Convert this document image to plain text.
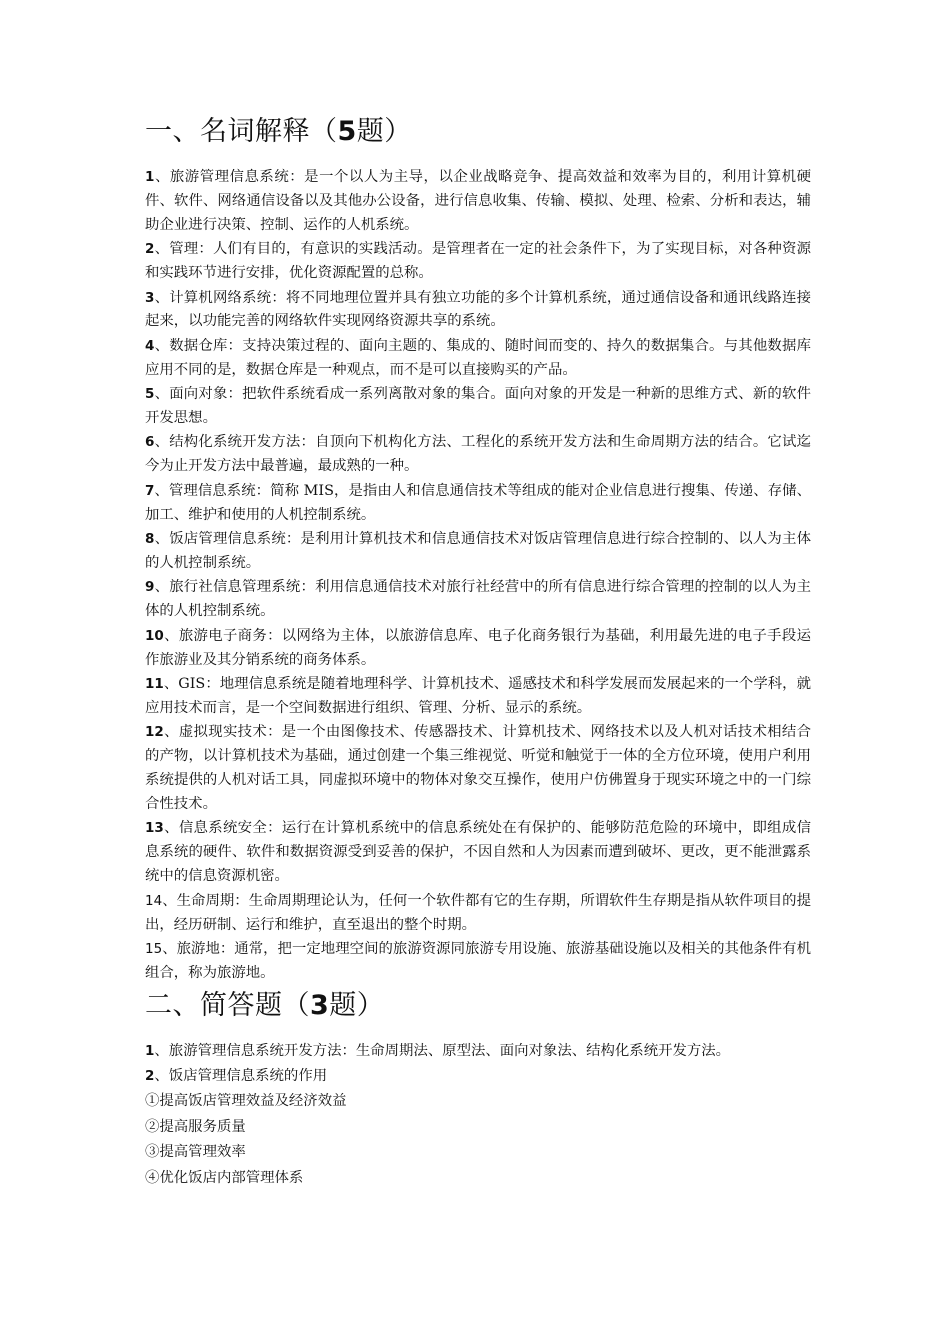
一、名词解释（5题）

1、旅游管理信息系统：是一个以人为主导，以企业战略竞争、提高效益和效率为目的，利用计算机硬件、软件、网络通信设备以及其他办公设备，进行信息收集、传输、模拟、处理、检索、分析和表达，辅助企业进行决策、控制、运作的人机系统。

2、管理：人们有目的，有意识的实践活动。是管理者在一定的社会条件下，为了实现目标，对各种资源和实践环节进行安排，优化资源配置的总称。

3、计算机网络系统：将不同地理位置并具有独立功能的多个计算机系统，通过通信设备和通讯线路连接起来，以功能完善的网络软件实现网络资源共享的系统。

4、数据仓库：支持决策过程的、面向主题的、集成的、随时间而变的、持久的数据集合。与其他数据库应用不同的是，数据仓库是一种观点，而不是可以直接购买的产品。

5、面向对象：把软件系统看成一系列离散对象的集合。面向对象的开发是一种新的思维方式、新的软件开发思想。

6、结构化系统开发方法：自顶向下机构化方法、工程化的系统开发方法和生命周期方法的结合。它试迄今为止开发方法中最普遍，最成熟的一种。

7、管理信息系统：简称 MIS，是指由人和信息通信技术等组成的能对企业信息进行搜集、传递、存储、加工、维护和使用的人机控制系统。

8、饭店管理信息系统：是利用计算机技术和信息通信技术对饭店管理信息进行综合控制的、以人为主体的人机控制系统。

9、旅行社信息管理系统：利用信息通信技术对旅行社经营中的所有信息进行综合管理的控制的以人为主体的人机控制系统。

10、旅游电子商务：以网络为主体，以旅游信息库、电子化商务银行为基础，利用最先进的电子手段运作旅游业及其分销系统的商务体系。

11、GIS：地理信息系统是随着地理科学、计算机技术、遥感技术和科学发展而发展起来的一个学科，就应用技术而言，是一个空间数据进行组织、管理、分析、显示的系统。

12、虚拟现实技术：是一个由图像技术、传感器技术、计算机技术、网络技术以及人机对话技术相结合的产物，以计算机技术为基础，通过创建一个集三维视觉、听觉和触觉于一体的全方位环境，使用户利用系统提供的人机对话工具，同虚拟环境中的物体对象交互操作，使用户仿佛置身于现实环境之中的一门综合性技术。

13、信息系统安全：运行在计算机系统中的信息系统处在有保护的、能够防范危险的环境中，即组成信息系统的硬件、软件和数据资源受到妥善的保护，不因自然和人为因素而遭到破坏、更改，更不能泄露系统中的信息资源机密。

14、生命周期：生命周期理论认为，任何一个软件都有它的生存期，所谓软件生存期是指从软件项目的提出，经历研制、运行和维护，直至退出的整个时期。

15、旅游地：通常，把一定地理空间的旅游资源同旅游专用设施、旅游基础设施以及相关的其他条件有机组合，称为旅游地。

二、简答题（3题）

1、旅游管理信息系统开发方法：生命周期法、原型法、面向对象法、结构化系统开发方法。

2、饭店管理信息系统的作用

①提高饭店管理效益及经济效益

②提高服务质量

③提高管理效率

④优化饭店内部管理体系
